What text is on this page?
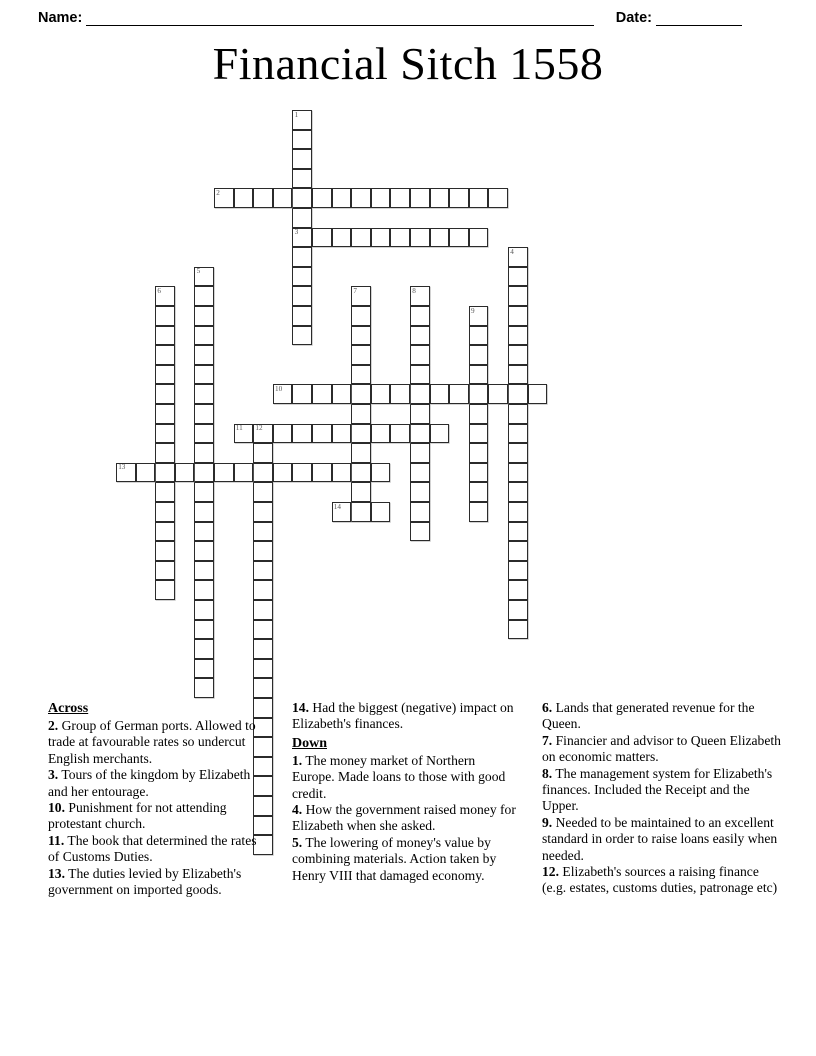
Name:	Date:
Financial Sitch 1558
1
3
2
4
5
6	7	8
9
10
11 12
13
14
Across

2. Group of German ports. Allowed to trade at favourable rates so undercut English merchants.

3. Tours of the kingdom by Elizabeth and her entourage.

10. Punishment for not attending protestant church.

11. The book that determined the rates of Customs Duties.

13. The duties levied by Elizabeth's government on imported goods.

14. Had the biggest (negative) impact on Elizabeth's finances.

Down

1. The money market of Northern Europe. Made loans to those with good credit.

4. How the government raised money for Elizabeth when she asked.

5. The lowering of money's value by combining materials. Action taken by Henry VIII that damaged economy.

6. Lands that generated revenue for the Queen.

7. Financier and advisor to Queen Elizabeth on economic matters.

8. The management system for Elizabeth's finances. Included the Receipt and the Upper.

9. Needed to be maintained to an excellent standard in order to raise loans easily when needed.

12. Elizabeth's sources a raising finance (e.g. estates, customs duties, patronage etc)
